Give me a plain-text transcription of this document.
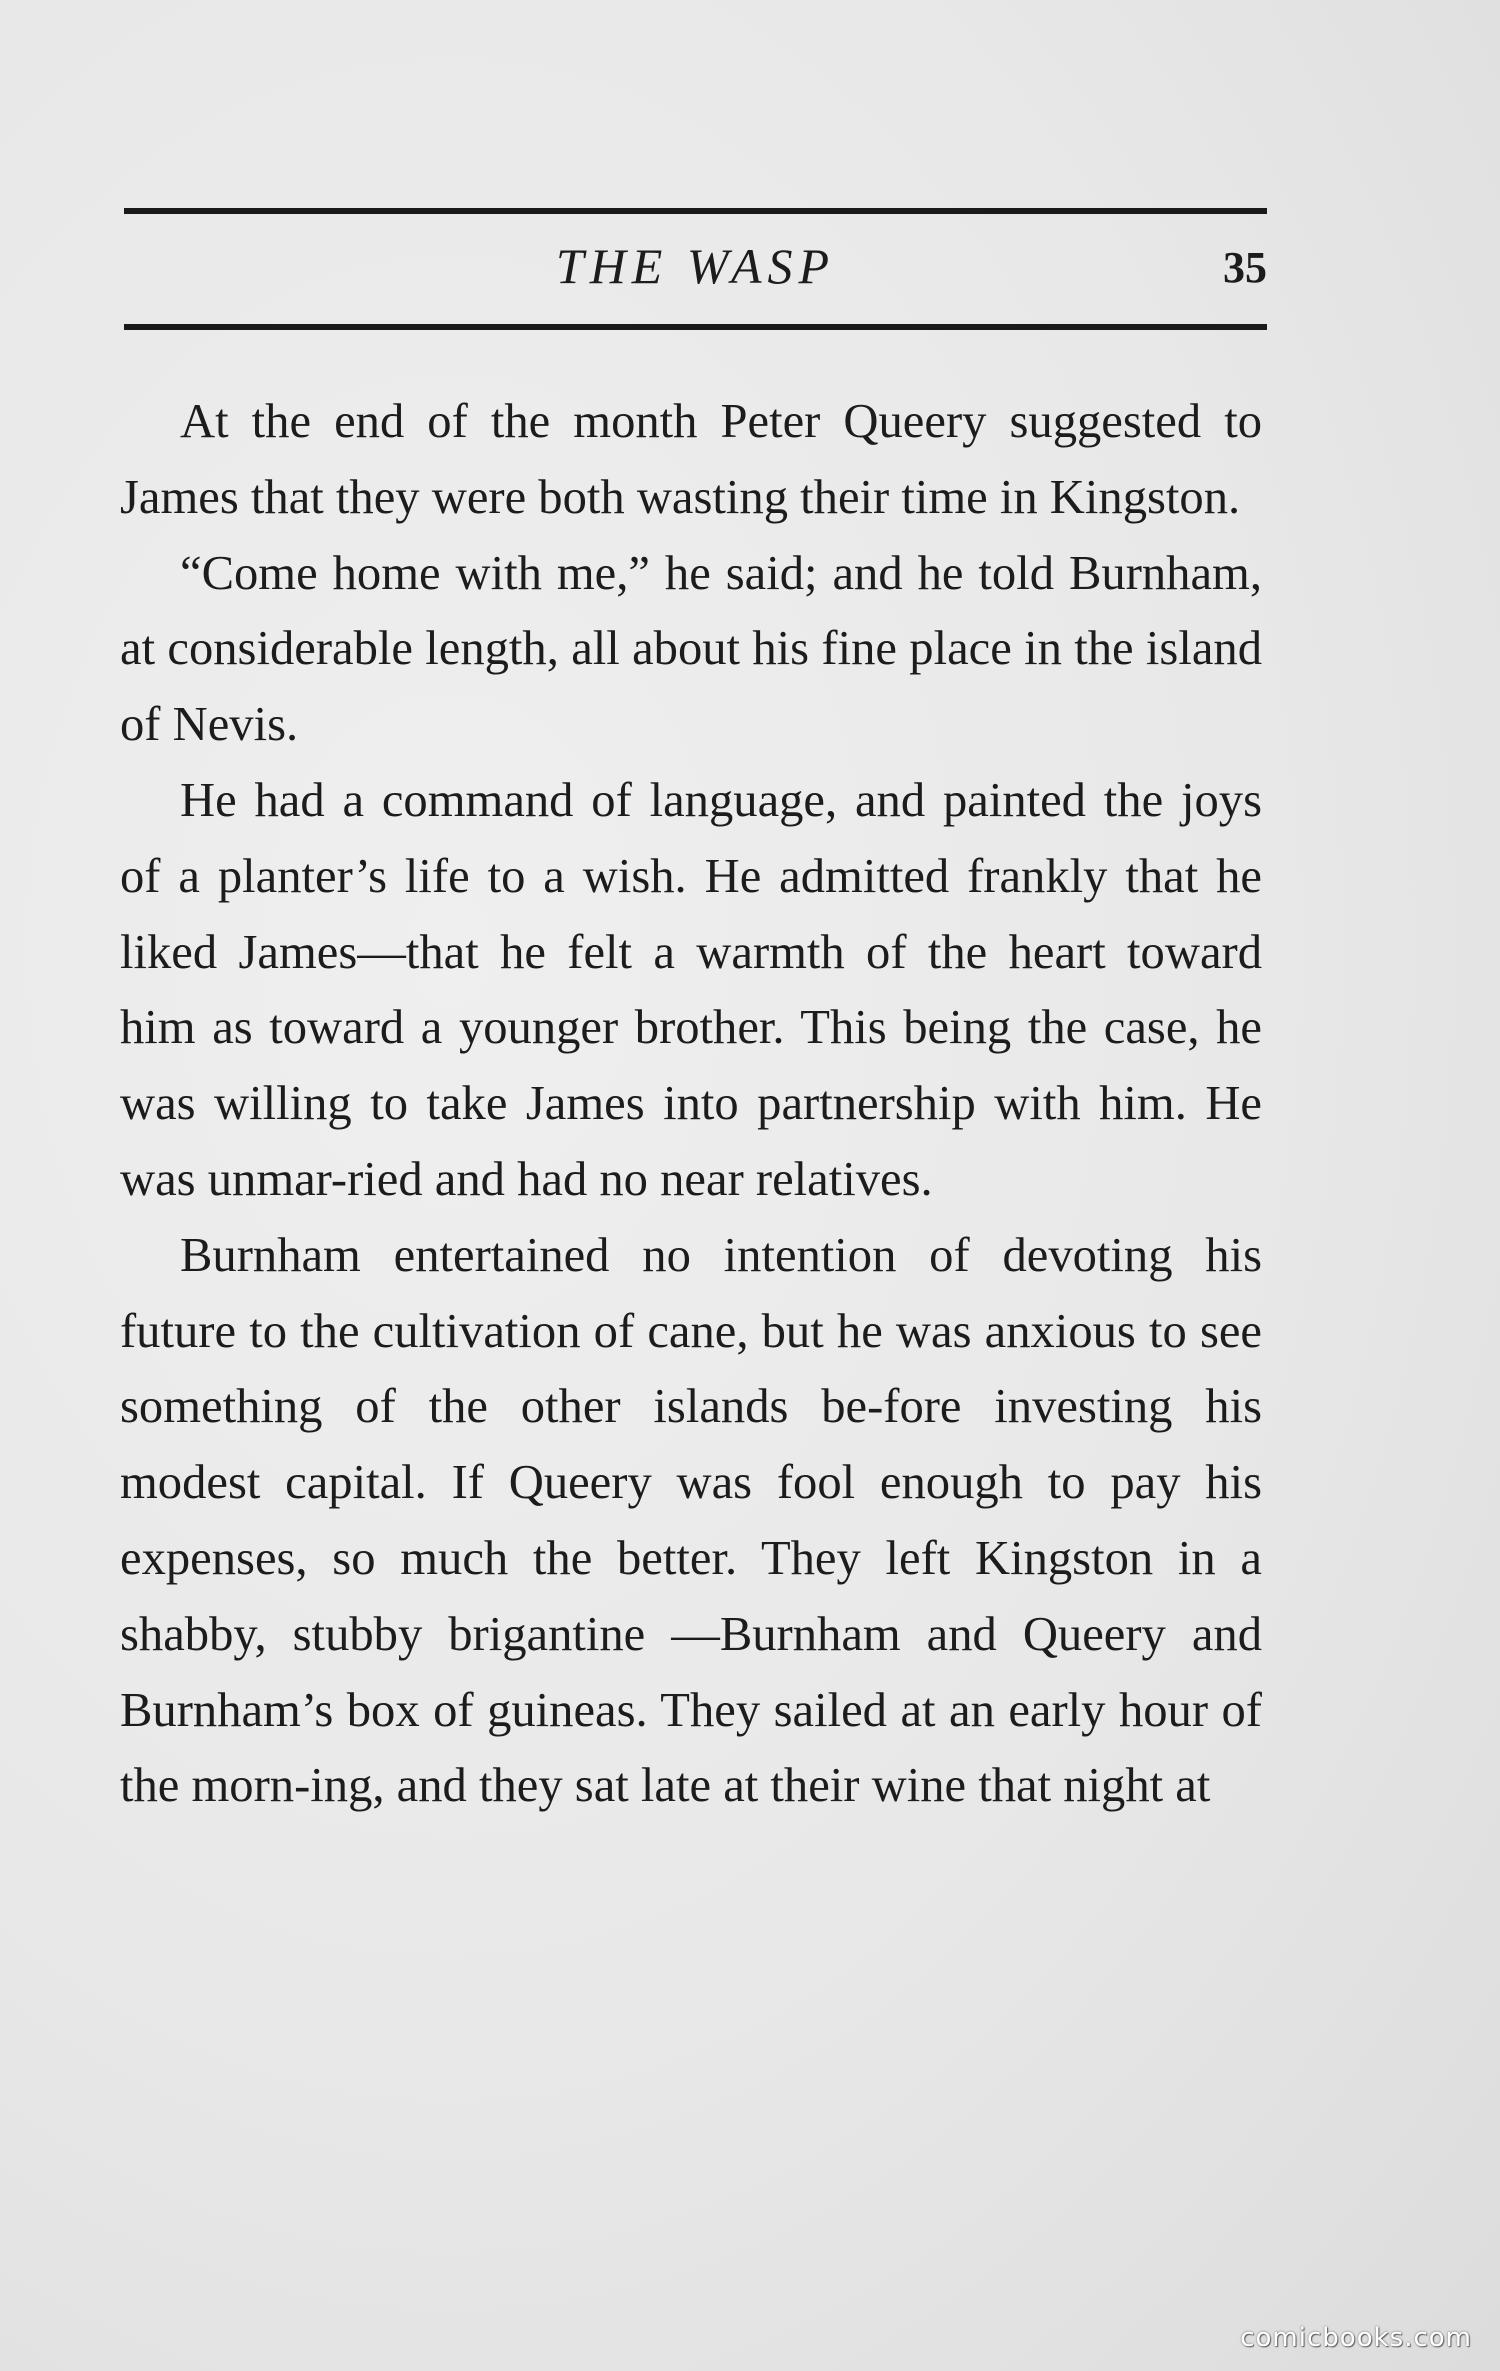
THE WASP	35

At the end of the month Peter Queery suggested to James that they were both wasting their time in Kingston.

“Come home with me,” he said; and he told Burnham, at considerable length, all about his fine place in the island of Nevis.

He had a command of language, and painted the joys of a planter’s life to a wish. He admitted frankly that he liked James—that he felt a warmth of the heart toward him as toward a younger brother. This being the case, he was willing to take James into partnership with him. He was unmar-ried and had no near relatives.

Burnham entertained no intention of devoting his future to the cultivation of cane, but he was anxious to see something of the other islands be-fore investing his modest capital. If Queery was fool enough to pay his expenses, so much the better. They left Kingston in a shabby, stubby brigantine —Burnham and Queery and Burnham’s box of guineas. They sailed at an early hour of the morn-ing, and they sat late at their wine that night at

comicbooks.com
